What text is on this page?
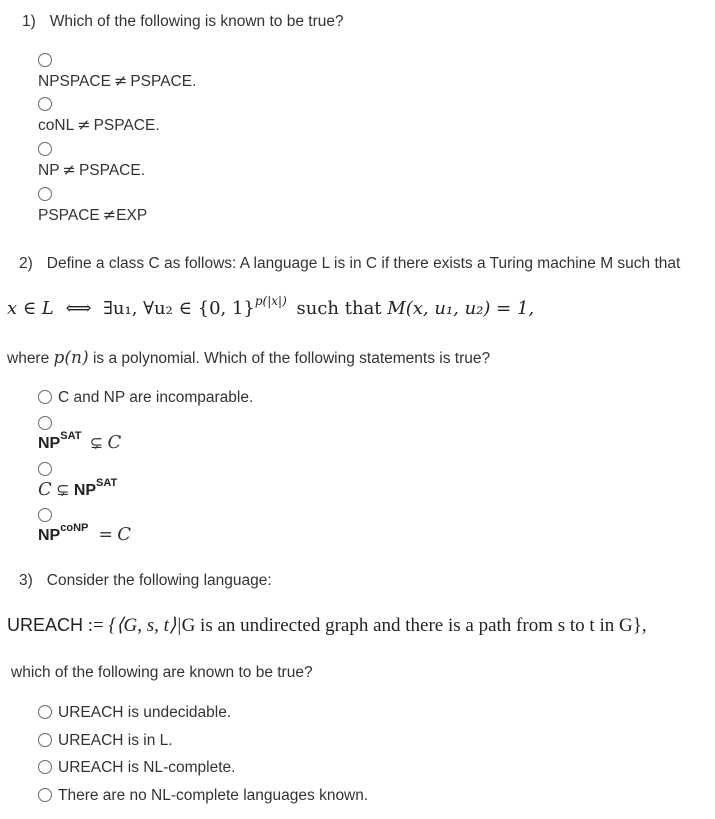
1) Which of the following is known to be true?
NPSPACE ≠ PSPACE.
coNL ≠ PSPACE.
NP ≠ PSPACE.
PSPACE ≠EXP
2) Define a class C as follows: A language L is in C if there exists a Turing machine M such that
x ∈ L ⟺ ∃u₁, ∀u₂ ∈ {0, 1}$^{p(|x|)}$ such that M(x, u₁, u₂) = 1,
where p(n) is a polynomial. Which of the following statements is true?
C and NP are incomparable.
$NP^{SAT}$ ⊊ C
C ⊊ $NP^{SAT}$
$NP^{coNP} = C$
3) Consider the following language:
UREACH := {⟨G, s, t⟩|G is an undirected graph and there is a path from s to t in G},
which of the following are known to be true?
UREACH is undecidable.
UREACH is in L.
UREACH is NL-complete.
There are no NL-complete languages known.
